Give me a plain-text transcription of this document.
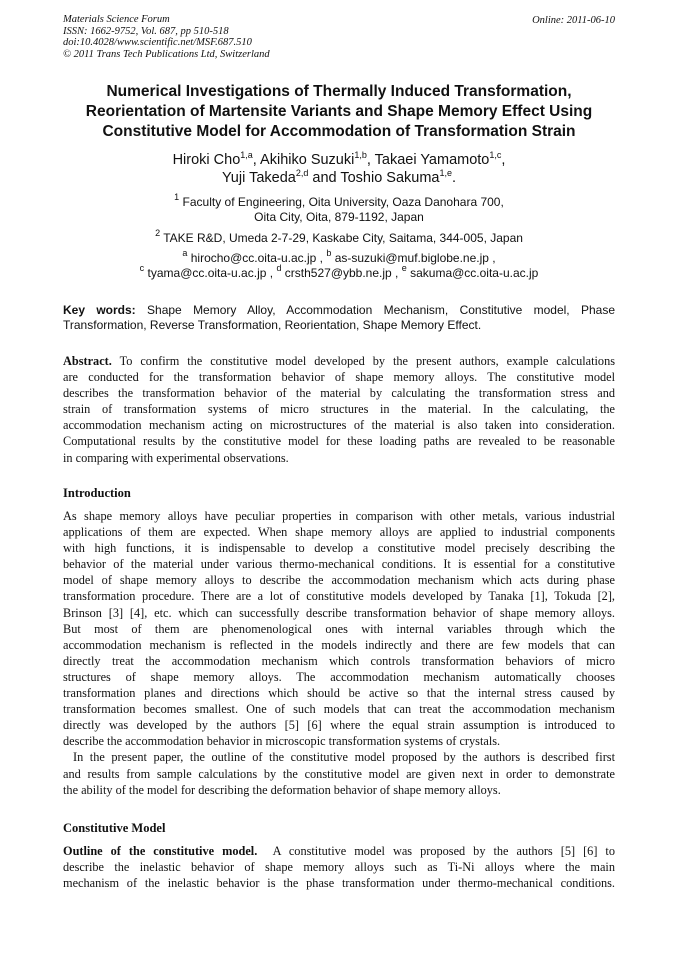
Materials Science Forum
ISSN: 1662-9752, Vol. 687, pp 510-518
doi:10.4028/www.scientific.net/MSF.687.510
© 2011 Trans Tech Publications Ltd, Switzerland
Online: 2011-06-10
Numerical Investigations of Thermally Induced Transformation,
Reorientation of Martensite Variants and Shape Memory Effect Using
Constitutive Model for Accommodation of Transformation Strain
Hiroki Cho$^{1,a}$, Akihiko Suzuki$^{1,b}$, Takaei Yamamoto$^{1,c}$,
Yuji Takeda$^{2,d}$ and Toshio Sakuma$^{1,e}$.
$^1$ Faculty of Engineering, Oita University, Oaza Danohara 700,
Oita City, Oita, 879-1192, Japan
$^2$ TAKE R&D, Umeda 2-7-29, Kaskabe City, Saitama, 344-005, Japan
$^a$ hirocho@cc.oita-u.ac.jp , $^b$ as-suzuki@muf.biglobe.ne.jp ,
$^c$ tyama@cc.oita-u.ac.jp , $^d$ crsth527@ybb.ne.jp , $^e$ sakuma@cc.oita-u.ac.jp
Key words: Shape Memory Alloy, Accommodation Mechanism, Constitutive model, Phase Transformation, Reverse Transformation, Reorientation, Shape Memory Effect.
Abstract. To confirm the constitutive model developed by the present authors, example calculations
are conducted for the transformation behavior of shape memory alloys. The constitutive model
describes the transformation behavior of the material by calculating the transformation stress and
strain of transformation systems of micro structures in the material. In the calculating, the
accommodation mechanism acting on microstructures of the material is also taken into consideration.
Computational results by the constitutive model for these loading paths are revealed to be reasonable
in comparing with experimental observations.
Introduction
As shape memory alloys have peculiar properties in comparison with other metals, various industrial
applications of them are expected. When shape memory alloys are applied to industrial components
with high functions, it is indispensable to develop a constitutive model precisely describing the
behavior of the material under various thermo-mechanical conditions. It is essential for a constitutive
model of shape memory alloys to describe the accommodation mechanism which acts during phase
transformation procedure. There are a lot of constitutive models developed by Tanaka [1], Tokuda [2],
Brinson [3] [4], etc. which can successfully describe transformation behavior of shape memory alloys.
But most of them are phenomenological ones with internal variables through which the
accommodation mechanism is reflected in the models indirectly and there are few models that can
directly treat the accommodation mechanism which controls transformation behaviors of micro
structures of shape memory alloys. The accommodation mechanism automatically chooses
transformation planes and directions which should be active so that the internal stress caused by
transformation becomes smallest. One of such models that can treat the accommodation mechanism
directly was developed by the authors [5] [6] where the equal strain assumption is introduced to
describe the accommodation behavior in microscopic transformation systems of crystals.
In the present paper, the outline of the constitutive model proposed by the authors is described first
and results from sample calculations by the constitutive model are given next in order to demonstrate
the ability of the model for describing the deformation behavior of shape memory alloys.
Constitutive Model
Outline of the constitutive model. A constitutive model was proposed by the authors [5] [6] to
describe the inelastic behavior of shape memory alloys such as Ti-Ni alloys where the main
mechanism of the inelastic behavior is the phase transformation under thermo-mechanical conditions.
